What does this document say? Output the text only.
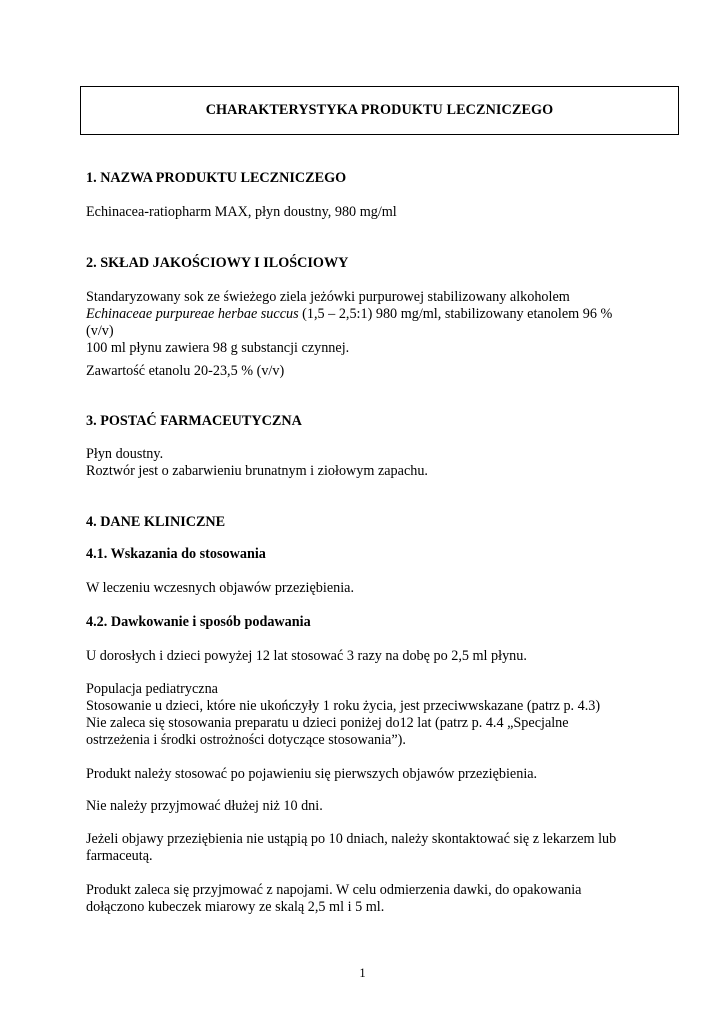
CHARAKTERYSTYKA PRODUKTU LECZNICZEGO
1. NAZWA PRODUKTU LECZNICZEGO
Echinacea-ratiopharm MAX, płyn doustny, 980 mg/ml
2. SKŁAD JAKOŚCIOWY I ILOŚCIOWY
Standaryzowany sok ze świeżego ziela jeżówki purpurowej stabilizowany alkoholem
Echinaceae purpureae herbae succus (1,5 – 2,5:1) 980 mg/ml, stabilizowany etanolem 96 %
(v/v)
100 ml płynu zawiera 98 g substancji czynnej.
Zawartość etanolu 20-23,5 % (v/v)
3. POSTAĆ FARMACEUTYCZNA
Płyn doustny.
Roztwór jest o zabarwieniu brunatnym i ziołowym zapachu.
4. DANE KLINICZNE
4.1. Wskazania do stosowania
W leczeniu wczesnych objawów przeziębienia.
4.2. Dawkowanie i sposób podawania
U dorosłych i dzieci powyżej 12 lat stosować 3 razy na dobę po 2,5 ml płynu.
Populacja pediatryczna
Stosowanie u dzieci, które nie ukończyły 1 roku życia, jest przeciwwskazane (patrz p. 4.3)
Nie zaleca się stosowania preparatu u dzieci poniżej do12 lat (patrz p. 4.4 „Specjalne
ostrzeżenia i środki ostrożności dotyczące stosowania”).
Produkt należy stosować po pojawieniu się pierwszych objawów przeziębienia.
Nie należy przyjmować dłużej niż 10 dni.
Jeżeli objawy przeziębienia nie ustąpią po 10 dniach, należy skontaktować się z lekarzem lub
farmaceutą.
Produkt zaleca się przyjmować z napojami. W celu odmierzenia dawki, do opakowania
dołączono kubeczek miarowy ze skalą 2,5 ml i 5 ml.
1
